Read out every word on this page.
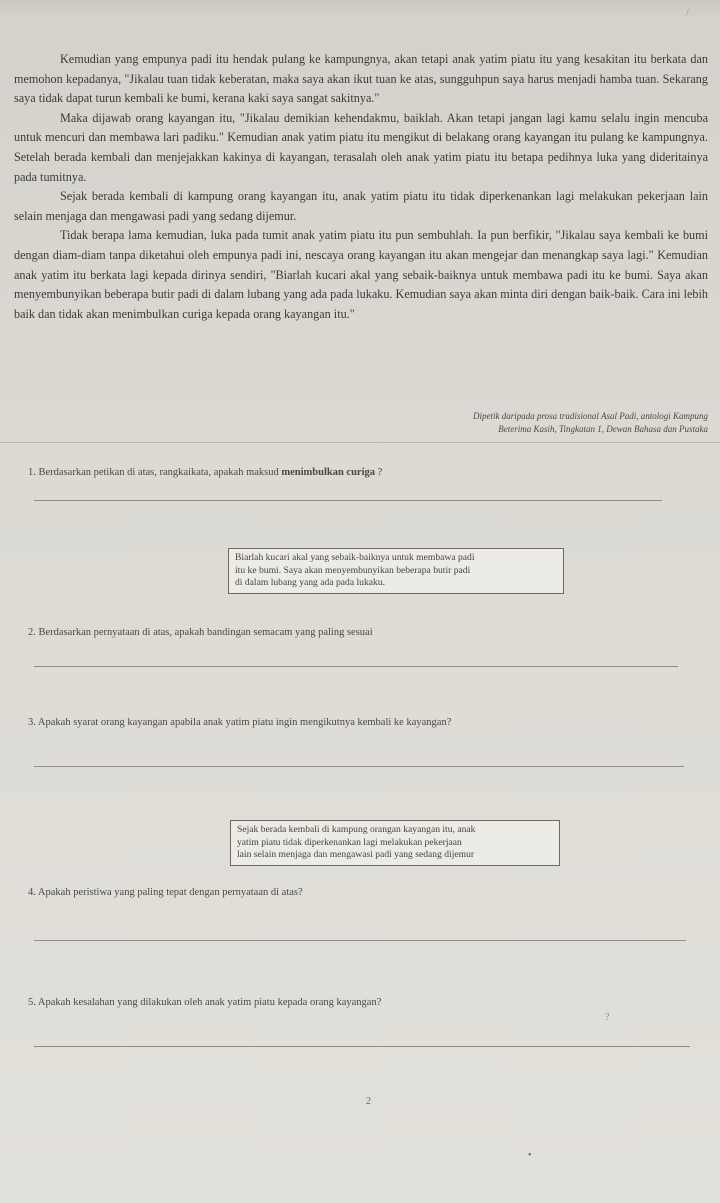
/

Kemudian yang empunya padi itu hendak pulang ke kampungnya, akan tetapi anak yatim piatu itu yang kesakitan itu berkata dan memohon kepadanya, "Jikalau tuan tidak keberatan, maka saya akan ikut tuan ke atas, sungguhpun saya harus menjadi hamba tuan. Sekarang saya tidak dapat turun kembali ke bumi, kerana kaki saya sangat sakitnya."

Maka dijawab orang kayangan itu, "Jikalau demikian kehendakmu, baiklah. Akan tetapi jangan lagi kamu selalu ingin mencuba untuk mencuri dan membawa lari padiku." Kemudian anak yatim piatu itu mengikut di belakang orang kayangan itu pulang ke kampungnya. Setelah berada kembali dan menjejakkan kakinya di kayangan, terasalah oleh anak yatim piatu itu betapa pedihnya luka yang dideritainya pada tumitnya.

Sejak berada kembali di kampung orang kayangan itu, anak yatim piatu itu tidak diperkenankan lagi melakukan pekerjaan lain selain menjaga dan mengawasi padi yang sedang dijemur.

Tidak berapa lama kemudian, luka pada tumit anak yatim piatu itu pun sembuhlah. Ia pun berfikir, "Jikalau saya kembali ke bumi dengan diam-diam tanpa diketahui oleh empunya padi ini, nescaya orang kayangan itu akan mengejar dan menangkap saya lagi." Kemudian anak yatim itu berkata lagi kepada dirinya sendiri, "Biarlah kucari akal yang sebaik-baiknya untuk membawa padi itu ke bumi. Saya akan menyembunyikan beberapa butir padi di dalam lubang yang ada pada lukaku. Kemudian saya akan minta diri dengan baik-baik. Cara ini lebih baik dan tidak akan menimbulkan curiga kepada orang kayangan itu."

Dipetik daripada prosa tradisional Asal Padi, antologi Kampung
Beterima Kasih, Tingkatan 1, Dewan Bahasa dan Pustaka
1. Berdasarkan petikan di atas, rangkaikata, apakah maksud menimbulkan curiga ?
Biarlah kucari akal yang sebaik-baiknya untuk membawa padi
itu ke bumi. Saya akan menyembunyikan beberapa butir padi
di dalam lubang yang ada pada lukaku.
2. Berdasarkan pernyataan di atas, apakah bandingan semacam yang paling sesuai
3. Apakah syarat orang kayangan apabila anak yatim piatu ingin mengikutnya kembali ke kayangan?
Sejak berada kembali di kampung orangan kayangan itu, anak
yatim piatu tidak diperkenankan lagi melakukan pekerjaan
lain selain menjaga dan mengawasi padi yang sedang dijemur
4. Apakah peristiwa yang paling tepat dengan pernyataan di atas?
5. Apakah kesalahan yang dilakukan oleh anak yatim piatu kepada orang kayangan?
?
2
•
